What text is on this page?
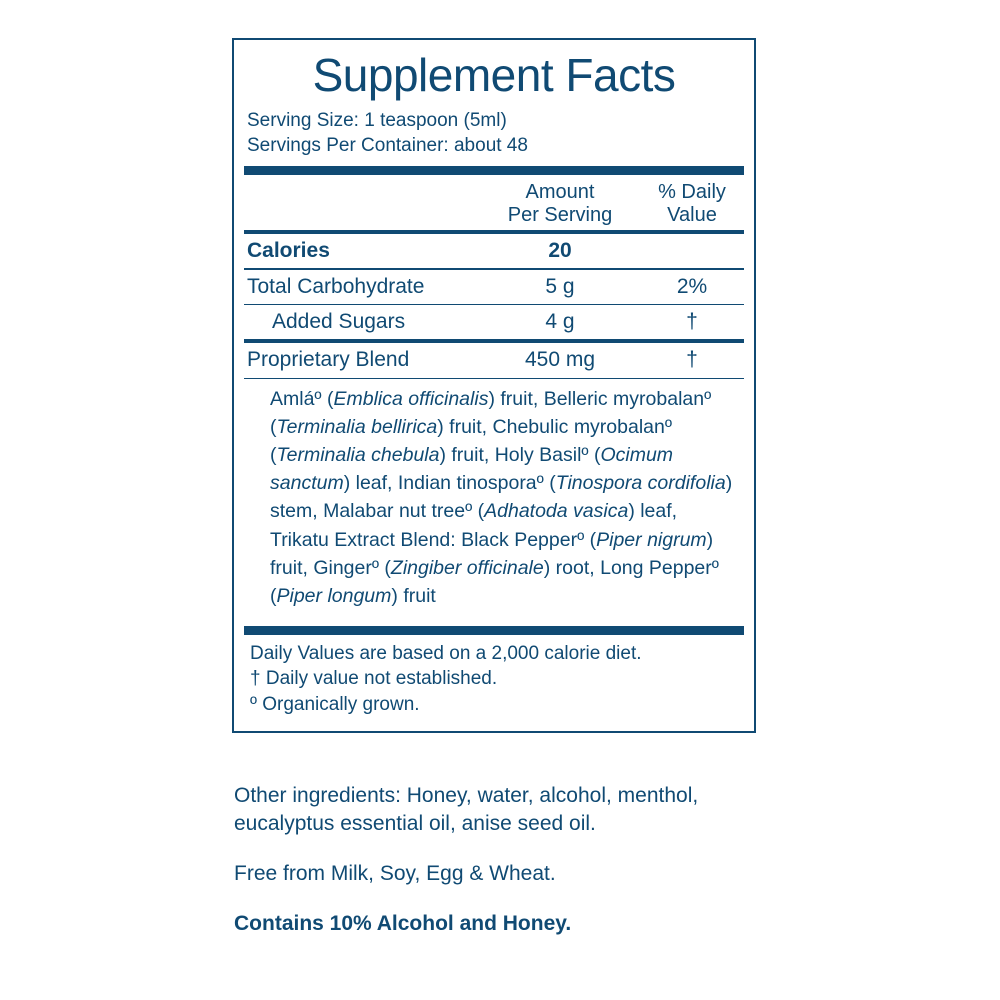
Supplement Facts
Serving Size: 1 teaspoon (5ml)
Servings Per Container: about 48
Amount
Per Serving
% Daily
Value
Calories	20
Total Carbohydrate	5 g	2%
Added Sugars	4 g	†
Proprietary Blend	450 mg	†
Amláº (Emblica officinalis) fruit, Belleric myrobalanº (Terminalia bellirica) fruit, Chebulic myrobalanº (Terminalia chebula) fruit, Holy Basilº (Ocimum sanctum) leaf, Indian tinosporaº (Tinospora cordifolia) stem, Malabar nut treeº (Adhatoda vasica) leaf, Trikatu Extract Blend: Black Pepperº (Piper nigrum) fruit, Gingerº (Zingiber officinale) root, Long Pepperº (Piper longum) fruit
Daily Values are based on a 2,000 calorie diet.
† Daily value not established.
º Organically grown.

Other ingredients: Honey, water, alcohol, menthol, eucalyptus essential oil, anise seed oil.

Free from Milk, Soy, Egg & Wheat.

Contains 10% Alcohol and Honey.
